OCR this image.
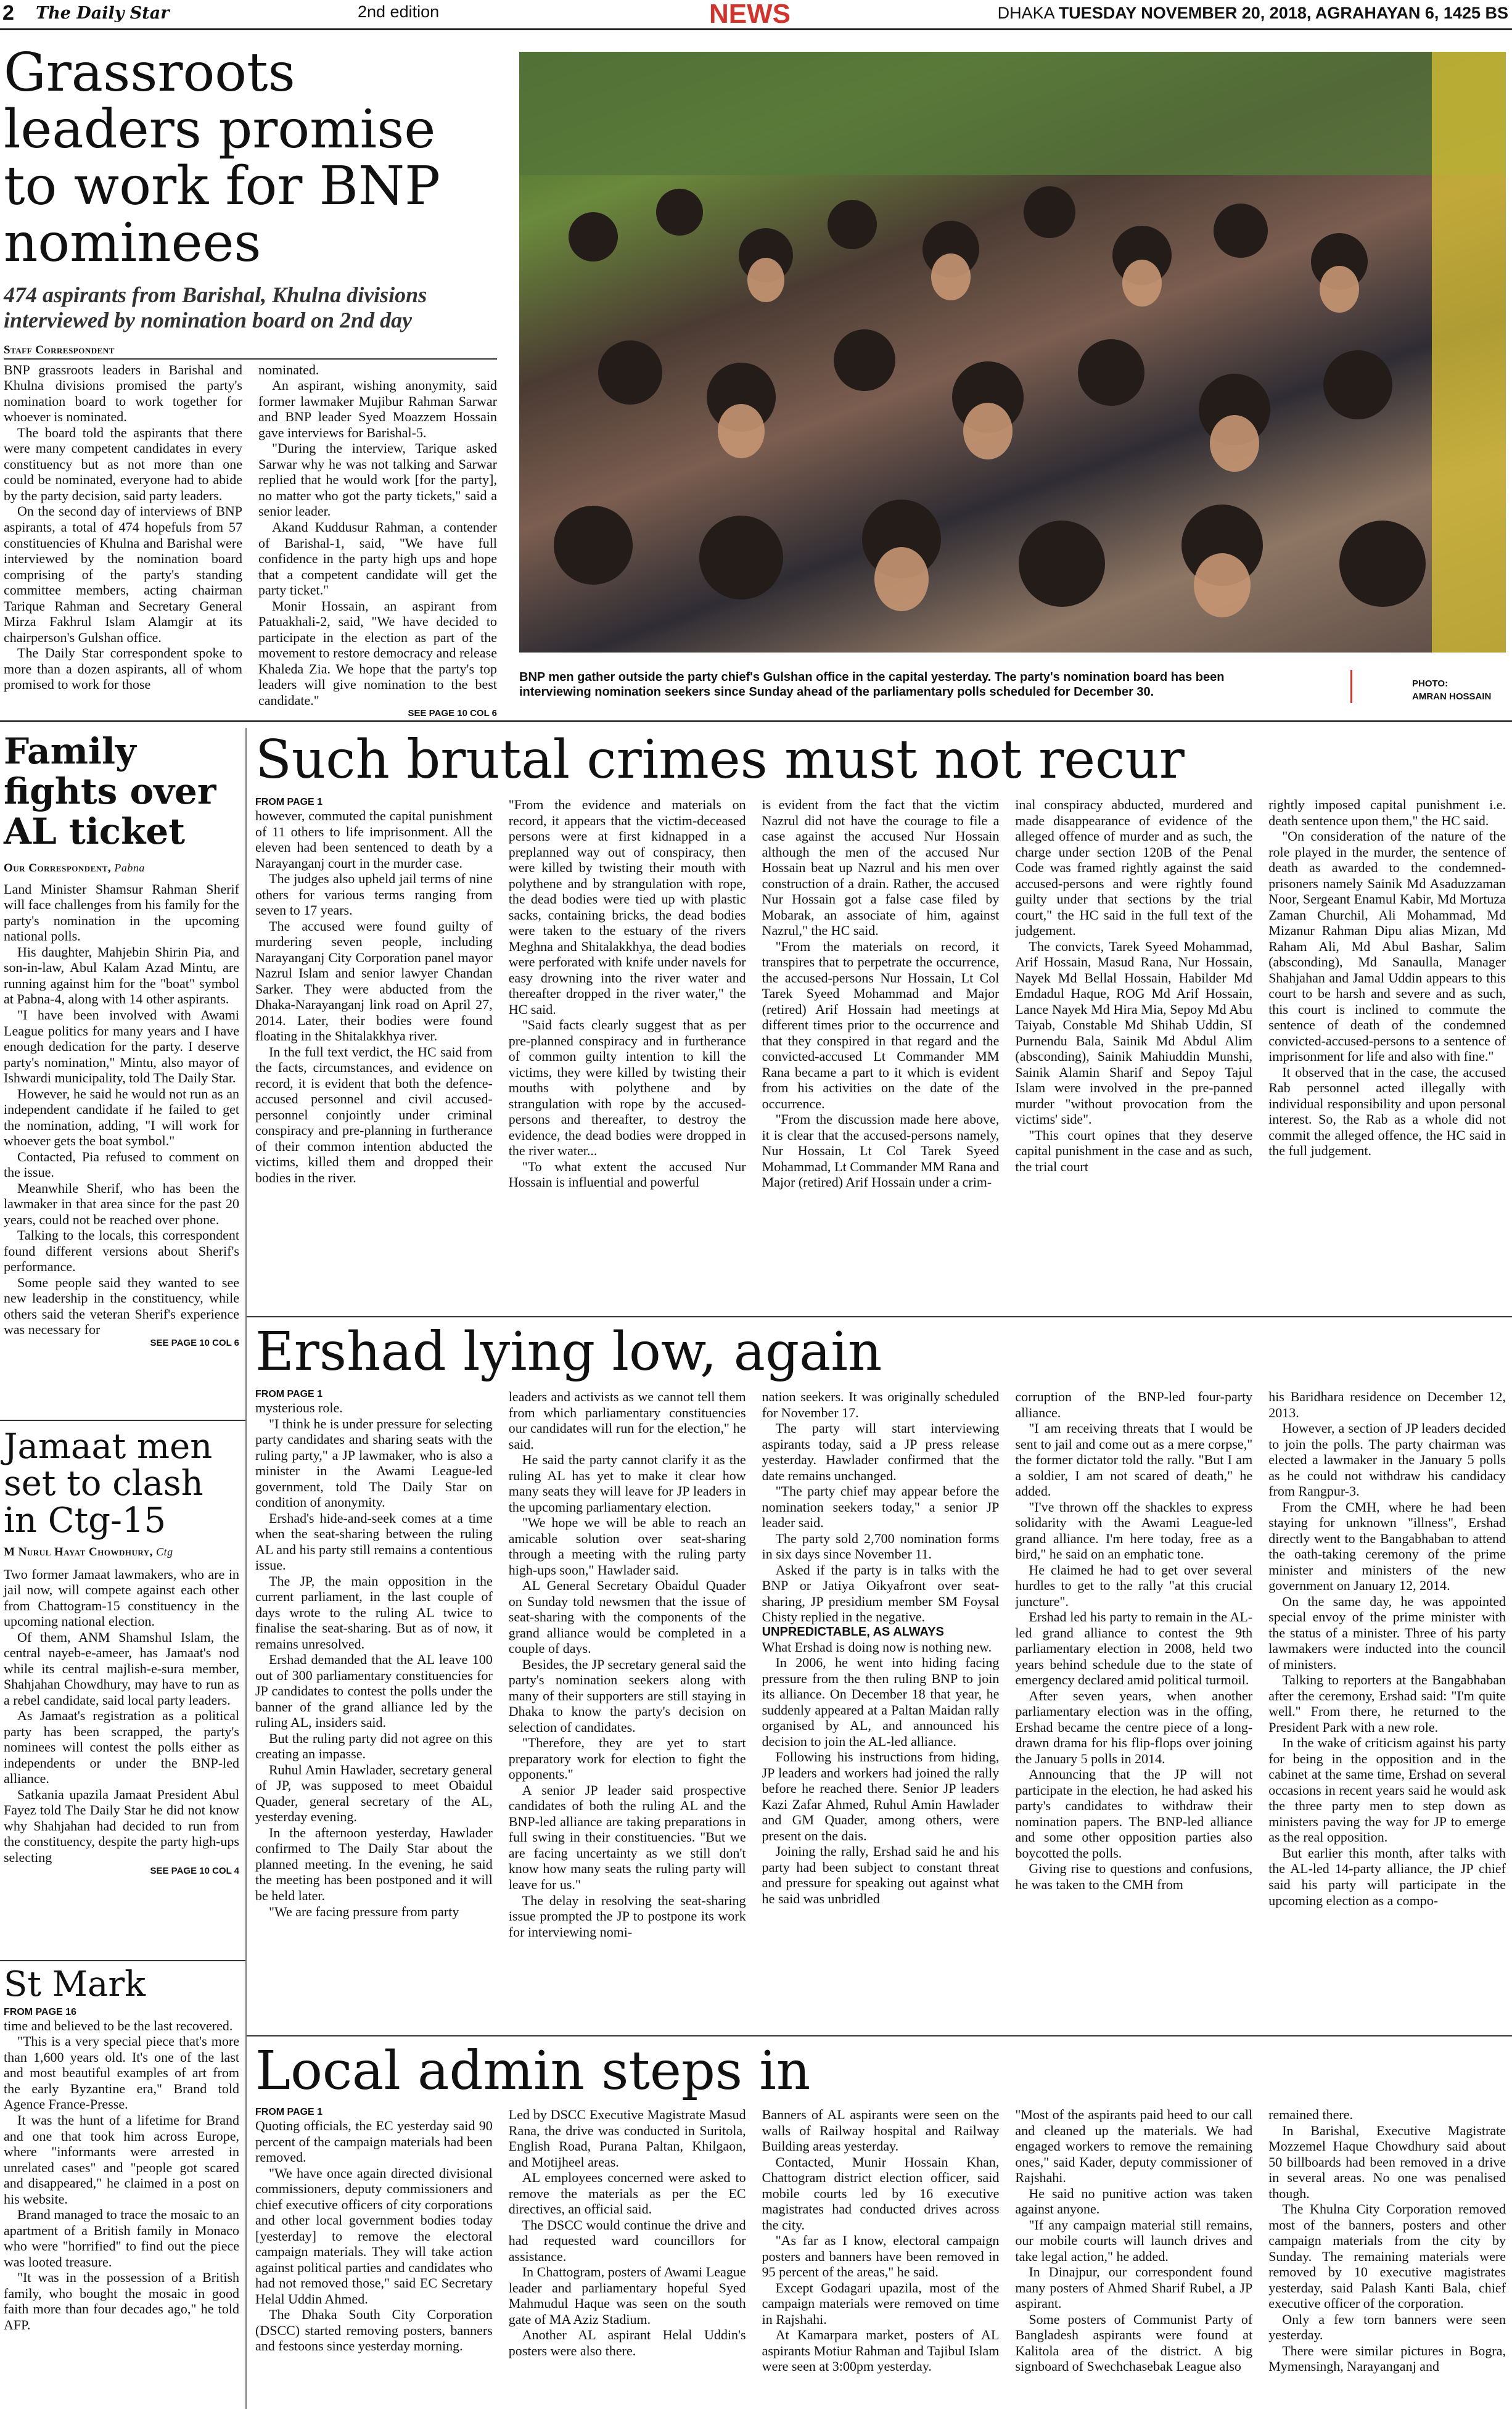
2 The Daily Star	2nd edition	NEWS	DHAKA TUESDAY NOVEMBER 20, 2018, AGRAHAYAN 6, 1425 BS
Grassroots leaders promise to work for BNP nominees
474 aspirants from Barishal, Khulna divisions interviewed by nomination board on 2nd day
Staff Correspondent

BNP grassroots leaders in Barishal and Khulna divisions promised the party's nomination board to work together for whoever is nominated.

The board told the aspirants that there were many competent candidates in every constituency but as not more than one could be nominated, everyone had to abide by the party decision, said party leaders.

On the second day of interviews of BNP aspirants, a total of 474 hopefuls from 57 constituencies of Khulna and Barishal were interviewed by the nomination board comprising of the party's standing committee members, acting chairman Tarique Rahman and Secretary General Mirza Fakhrul Islam Alamgir at its chairperson's Gulshan office.

The Daily Star correspondent spoke to more than a dozen aspirants, all of whom promised to work for those

nominated.

An aspirant, wishing anonymity, said former lawmaker Mujibur Rahman Sarwar and BNP leader Syed Moazzem Hossain gave interviews for Barishal-5.

"During the interview, Tarique asked Sarwar why he was not talking and Sarwar replied that he would work [for the party], no matter who got the party tickets," said a senior leader.

Akand Kuddusur Rahman, a contender of Barishal-1, said, "We have full confidence in the party high ups and hope that a competent candidate will get the party ticket."

Monir Hossain, an aspirant from Patuakhali-2, said, "We have decided to participate in the election as part of the movement to restore democracy and release Khaleda Zia. We hope that the party's top leaders will give nomination to the best candidate."

SEE PAGE 10 COL 6
BNP men gather outside the party chief's Gulshan office in the capital yesterday. The party's nomination board has been interviewing nomination seekers since Sunday ahead of the parliamentary polls scheduled for December 30.
PHOTO:
AMRAN HOSSAIN
Family fights over AL ticket
Our Correspondent, Pabna

Land Minister Shamsur Rahman Sherif will face challenges from his family for the party's nomination in the upcoming national polls.

His daughter, Mahjebin Shirin Pia, and son-in-law, Abul Kalam Azad Mintu, are running against him for the "boat" symbol at Pabna-4, along with 14 other aspirants.

"I have been involved with Awami League politics for many years and I have enough dedication for the party. I deserve party's nomination," Mintu, also mayor of Ishwardi municipality, told The Daily Star.

However, he said he would not run as an independent candidate if he failed to get the nomination, adding, "I will work for whoever gets the boat symbol."

Contacted, Pia refused to comment on the issue.

Meanwhile Sherif, who has been the lawmaker in that area since for the past 20 years, could not be reached over phone.

Talking to the locals, this correspondent found different versions about Sherif's performance.

Some people said they wanted to see new leadership in the constituency, while others said the veteran Sherif's experience was necessary for

SEE PAGE 10 COL 6
Jamaat men set to clash in Ctg-15
M Nurul Hayat Chowdhury, Ctg

Two former Jamaat lawmakers, who are in jail now, will compete against each other from Chattogram-15 constituency in the upcoming national election.

Of them, ANM Shamshul Islam, the central nayeb-e-ameer, has Jamaat's nod while its central majlish-e-sura member, Shahjahan Chowdhury, may have to run as a rebel candidate, said local party leaders.

As Jamaat's registration as a political party has been scrapped, the party's nominees will contest the polls either as independents or under the BNP-led alliance.

Satkania upazila Jamaat President Abul Fayez told The Daily Star he did not know why Shahjahan had decided to run from the constituency, despite the party high-ups selecting

SEE PAGE 10 COL 4
St Mark
FROM PAGE 16

time and believed to be the last recovered.

"This is a very special piece that's more than 1,600 years old. It's one of the last and most beautiful examples of art from the early Byzantine era," Brand told Agence France-Presse.

It was the hunt of a lifetime for Brand and one that took him across Europe, where "informants were arrested in unrelated cases" and "people got scared and disappeared," he claimed in a post on his website.

Brand managed to trace the mosaic to an apartment of a British family in Monaco who were "horrified" to find out the piece was looted treasure.

"It was in the possession of a British family, who bought the mosaic in good faith more than four decades ago," he told AFP.

Such brutal crimes must not recur
FROM PAGE 1

however, commuted the capital punishment of 11 others to life imprisonment. All the eleven had been sentenced to death by a Narayanganj court in the murder case.

The judges also upheld jail terms of nine others for various terms ranging from seven to 17 years.

The accused were found guilty of murdering seven people, including Narayanganj City Corporation panel mayor Nazrul Islam and senior lawyer Chandan Sarker. They were abducted from the Dhaka-Narayanganj link road on April 27, 2014. Later, their bodies were found floating in the Shitalakkhya river.

In the full text verdict, the HC said from the facts, circumstances, and evidence on record, it is evident that both the defence-accused personnel and civil accused-personnel conjointly under criminal conspiracy and pre-planning in furtherance of their common intention abducted the victims, killed them and dropped their bodies in the river.

"From the evidence and materials on record, it appears that the victim-deceased persons were at first kidnapped in a preplanned way out of conspiracy, then were killed by twisting their mouth with polythene and by strangulation with rope, the dead bodies were tied up with plastic sacks, containing bricks, the dead bodies were taken to the estuary of the rivers Meghna and Shitalakkhya, the dead bodies were perforated with knife under navels for easy drowning into the river water and thereafter dropped in the river water," the HC said.

"Said facts clearly suggest that as per pre-planned conspiracy and in furtherance of common guilty intention to kill the victims, they were killed by twisting their mouths with polythene and by strangulation with rope by the accused-persons and thereafter, to destroy the evidence, the dead bodies were dropped in the river water...

"To what extent the accused Nur Hossain is influential and powerful

is evident from the fact that the victim Nazrul did not have the courage to file a case against the accused Nur Hossain although the men of the accused Nur Hossain beat up Nazrul and his men over construction of a drain. Rather, the accused Nur Hossain got a false case filed by Mobarak, an associate of him, against Nazrul," the HC said.

"From the materials on record, it transpires that to perpetrate the occurrence, the accused-persons Nur Hossain, Lt Col Tarek Syeed Mohammad and Major (retired) Arif Hossain had meetings at different times prior to the occurrence and that they conspired in that regard and the convicted-accused Lt Commander MM Rana became a part to it which is evident from his activities on the date of the occurrence.

"From the discussion made here above, it is clear that the accused-persons namely, Nur Hossain, Lt Col Tarek Syeed Mohammad, Lt Commander MM Rana and Major (retired) Arif Hossain under a crim-

inal conspiracy abducted, murdered and made disappearance of evidence of the alleged offence of murder and as such, the charge under section 120B of the Penal Code was framed rightly against the said accused-persons and were rightly found guilty under that sections by the trial court," the HC said in the full text of the judgement.

The convicts, Tarek Syeed Mohammad, Arif Hossain, Masud Rana, Nur Hossain, Nayek Md Bellal Hossain, Habilder Md Emdadul Haque, ROG Md Arif Hossain, Lance Nayek Md Hira Mia, Sepoy Md Abu Taiyab, Constable Md Shihab Uddin, SI Purnendu Bala, Sainik Md Abdul Alim (absconding), Sainik Mahiuddin Munshi, Sainik Alamin Sharif and Sepoy Tajul Islam were involved in the pre-panned murder "without provocation from the victims' side".

"This court opines that they deserve capital punishment in the case and as such, the trial court

rightly imposed capital punishment i.e. death sentence upon them," the HC said.

"On consideration of the nature of the role played in the murder, the sentence of death as awarded to the condemned-prisoners namely Sainik Md Asaduzzaman Noor, Sergeant Enamul Kabir, Md Mortuza Zaman Churchil, Ali Mohammad, Md Mizanur Rahman Dipu alias Mizan, Md Raham Ali, Md Abul Bashar, Salim (absconding), Md Sanaulla, Manager Shahjahan and Jamal Uddin appears to this court to be harsh and severe and as such, this court is inclined to commute the sentence of death of the condemned convicted-accused-persons to a sentence of imprisonment for life and also with fine."

It observed that in the case, the accused Rab personnel acted illegally with individual responsibility and upon personal interest. So, the Rab as a whole did not commit the alleged offence, the HC said in the full judgement.

Ershad lying low, again
FROM PAGE 1

mysterious role.

"I think he is under pressure for selecting party candidates and sharing seats with the ruling party," a JP lawmaker, who is also a minister in the Awami League-led government, told The Daily Star on condition of anonymity.

Ershad's hide-and-seek comes at a time when the seat-sharing between the ruling AL and his party still remains a contentious issue.

The JP, the main opposition in the current parliament, in the last couple of days wrote to the ruling AL twice to finalise the seat-sharing. But as of now, it remains unresolved.

Ershad demanded that the AL leave 100 out of 300 parliamentary constituencies for JP candidates to contest the polls under the banner of the grand alliance led by the ruling AL, insiders said.

But the ruling party did not agree on this creating an impasse.

Ruhul Amin Hawlader, secretary general of JP, was supposed to meet Obaidul Quader, general secretary of the AL, yesterday evening.

In the afternoon yesterday, Hawlader confirmed to The Daily Star about the planned meeting. In the evening, he said the meeting has been postponed and it will be held later.

"We are facing pressure from party

leaders and activists as we cannot tell them from which parliamentary constituencies our candidates will run for the election," he said.

He said the party cannot clarify it as the ruling AL has yet to make it clear how many seats they will leave for JP leaders in the upcoming parliamentary election.

"We hope we will be able to reach an amicable solution over seat-sharing through a meeting with the ruling party high-ups soon," Hawlader said.

AL General Secretary Obaidul Quader on Sunday told newsmen that the issue of seat-sharing with the components of the grand alliance would be completed in a couple of days.

Besides, the JP secretary general said the party's nomination seekers along with many of their supporters are still staying in Dhaka to know the party's decision on selection of candidates.

"Therefore, they are yet to start preparatory work for election to fight the opponents."

A senior JP leader said prospective candidates of both the ruling AL and the BNP-led alliance are taking preparations in full swing in their constituencies. "But we are facing uncertainty as we still don't know how many seats the ruling party will leave for us."

The delay in resolving the seat-sharing issue prompted the JP to postpone its work for interviewing nomi-

nation seekers. It was originally scheduled for November 17.

The party will start interviewing aspirants today, said a JP press release yesterday. Hawlader confirmed that the date remains unchanged.

"The party chief may appear before the nomination seekers today," a senior JP leader said.

The party sold 2,700 nomination forms in six days since November 11.

Asked if the party is in talks with the BNP or Jatiya Oikyafront over seat-sharing, JP presidium member SM Foysal Chisty replied in the negative.

UNPREDICTABLE, AS ALWAYS

What Ershad is doing now is nothing new.

In 2006, he went into hiding facing pressure from the then ruling BNP to join its alliance. On December 18 that year, he suddenly appeared at a Paltan Maidan rally organised by AL, and announced his decision to join the AL-led alliance.

Following his instructions from hiding, JP leaders and workers had joined the rally before he reached there. Senior JP leaders Kazi Zafar Ahmed, Ruhul Amin Hawlader and GM Quader, among others, were present on the dais.

Joining the rally, Ershad said he and his party had been subject to constant threat and pressure for speaking out against what he said was unbridled

corruption of the BNP-led four-party alliance.

"I am receiving threats that I would be sent to jail and come out as a mere corpse," the former dictator told the rally. "But I am a soldier, I am not scared of death," he added.

"I've thrown off the shackles to express solidarity with the Awami League-led grand alliance. I'm here today, free as a bird," he said on an emphatic tone.

He claimed he had to get over several hurdles to get to the rally "at this crucial juncture".

Ershad led his party to remain in the AL-led grand alliance to contest the 9th parliamentary election in 2008, held two years behind schedule due to the state of emergency declared amid political turmoil.

After seven years, when another parliamentary election was in the offing, Ershad became the centre piece of a long-drawn drama for his flip-flops over joining the January 5 polls in 2014.

Announcing that the JP will not participate in the election, he had asked his party's candidates to withdraw their nomination papers. The BNP-led alliance and some other opposition parties also boycotted the polls.

Giving rise to questions and confusions, he was taken to the CMH from

his Baridhara residence on December 12, 2013.

However, a section of JP leaders decided to join the polls. The party chairman was elected a lawmaker in the January 5 polls as he could not withdraw his candidacy from Rangpur-3.

From the CMH, where he had been staying for unknown "illness", Ershad directly went to the Bangabhaban to attend the oath-taking ceremony of the prime minister and ministers of the new government on January 12, 2014.

On the same day, he was appointed special envoy of the prime minister with the status of a minister. Three of his party lawmakers were inducted into the council of ministers.

Talking to reporters at the Bangabhaban after the ceremony, Ershad said: "I'm quite well." From there, he returned to the President Park with a new role.

In the wake of criticism against his party for being in the opposition and in the cabinet at the same time, Ershad on several occasions in recent years said he would ask the three party men to step down as ministers paving the way for JP to emerge as the real opposition.

But earlier this month, after talks with the AL-led 14-party alliance, the JP chief said his party will participate in the upcoming election as a compo-

Local admin steps in
FROM PAGE 1

Quoting officials, the EC yesterday said 90 percent of the campaign materials had been removed.

"We have once again directed divisional commissioners, deputy commissioners and chief executive officers of city corporations and other local government bodies today [yesterday] to remove the electoral campaign materials. They will take action against political parties and candidates who had not removed those," said EC Secretary Helal Uddin Ahmed.

The Dhaka South City Corporation (DSCC) started removing posters, banners and festoons since yesterday morning.

Led by DSCC Executive Magistrate Masud Rana, the drive was conducted in Suritola, English Road, Purana Paltan, Khilgaon, and Motijheel areas.

AL employees concerned were asked to remove the materials as per the EC directives, an official said.

The DSCC would continue the drive and had requested ward councillors for assistance.

In Chattogram, posters of Awami League leader and parliamentary hopeful Syed Mahmudul Haque was seen on the south gate of MA Aziz Stadium.

Another AL aspirant Helal Uddin's posters were also there.

Banners of AL aspirants were seen on the walls of Railway hospital and Railway Building areas yesterday.

Contacted, Munir Hossain Khan, Chattogram district election officer, said mobile courts led by 16 executive magistrates had conducted drives across the city.

"As far as I know, electoral campaign posters and banners have been removed in 95 percent of the areas," he said.

Except Godagari upazila, most of the campaign materials were removed on time in Rajshahi.

At Kamarpara market, posters of AL aspirants Motiur Rahman and Tajibul Islam were seen at 3:00pm yesterday.

"Most of the aspirants paid heed to our call and cleaned up the materials. We had engaged workers to remove the remaining ones," said Kader, deputy commissioner of Rajshahi.

He said no punitive action was taken against anyone.

"If any campaign material still remains, our mobile courts will launch drives and take legal action," he added.

In Dinajpur, our correspondent found many posters of Ahmed Sharif Rubel, a JP aspirant.

Some posters of Communist Party of Bangladesh aspirants were found at Kalitola area of the district. A big signboard of Swechchasebak League also

remained there.

In Barishal, Executive Magistrate Mozzemel Haque Chowdhury said about 50 billboards had been removed in a drive in several areas. No one was penalised though.

The Khulna City Corporation removed most of the banners, posters and other campaign materials from the city by Sunday. The remaining materials were removed by 10 executive magistrates yesterday, said Palash Kanti Bala, chief executive officer of the corporation.

Only a few torn banners were seen yesterday.

There were similar pictures in Bogra, Mymensingh, Narayanganj and
